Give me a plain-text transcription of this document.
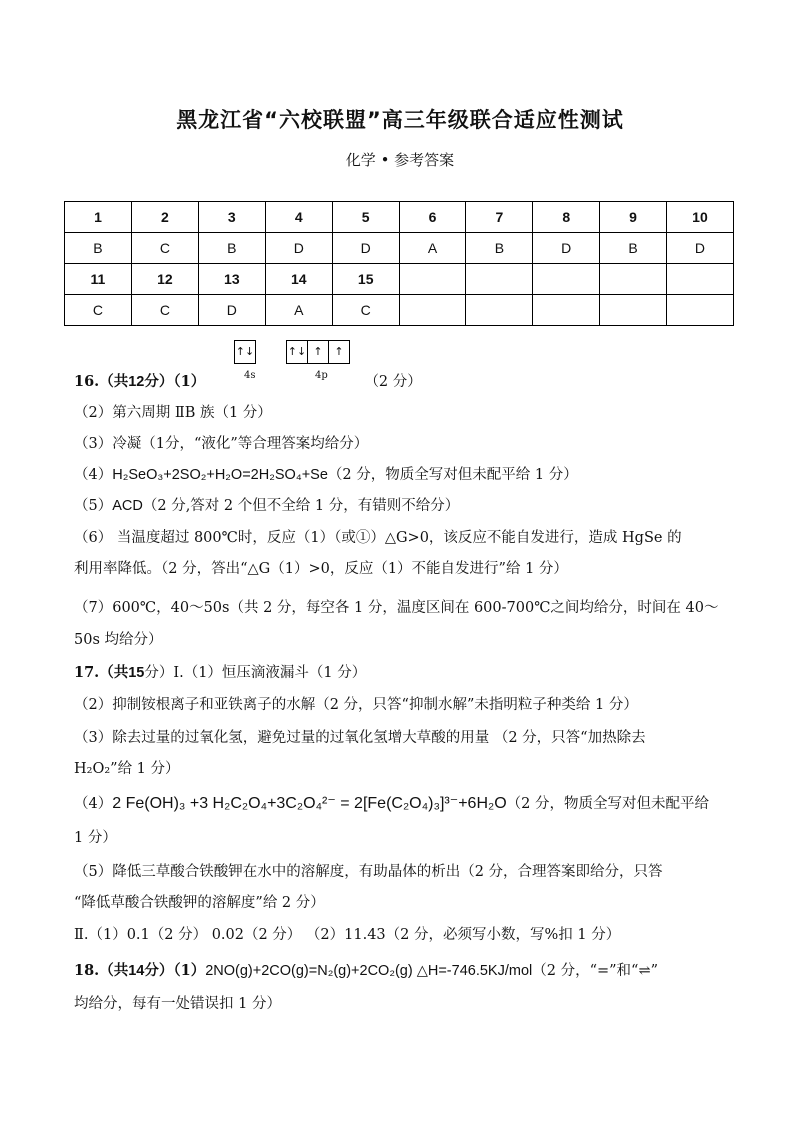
黑龙江省“六校联盟”高三年级联合适应性测试
化学 • 参考答案
1	2	3	4	5	6	7	8	9	10
B	C	B	D	D	A	B	D	B	D
11	12	13	14	15					
C	C	D	A	C					
↑↓	↑↓ ↑	↑
4s	4p
16.（共12分）（1）	（2 分）
（2）第六周期 ⅡB 族（1 分）
（3）冷凝（1分，“液化”等合理答案均给分）
（4）H₂SeO₃+2SO₂+H₂O=2H₂SO₄+Se（2 分，物质全写对但未配平给 1 分）
（5）ACD（2 分,答对 2 个但不全给 1 分，有错则不给分）
（6） 当温度超过 800℃时，反应（1）（或①）△G>0，该反应不能自发进行，造成 HgSe 的
利用率降低。（2 分，答出“△G（1）>0，反应（1）不能自发进行”给 1 分）
（7）600℃，40～50s（共 2 分，每空各 1 分，温度区间在 600-700℃之间均给分，时间在 40～
50s 均给分）
17.（共15分）Ⅰ.（1）恒压滴液漏斗（1 分）
（2）抑制铵根离子和亚铁离子的水解（2 分，只答“抑制水解”未指明粒子种类给 1 分）
（3）除去过量的过氧化氢，避免过量的过氧化氢增大草酸的用量 （2 分，只答“加热除去
H₂O₂”给 1 分）
（4）2 Fe(OH)₃ +3 H₂C₂O₄+3C₂O₄²⁻ = 2[Fe(C₂O₄)₃]³⁻+6H₂O（2 分，物质全写对但未配平给
1 分）
（5）降低三草酸合铁酸钾在水中的溶解度，有助晶体的析出（2 分，合理答案即给分，只答
“降低草酸合铁酸钾的溶解度”给 2 分）
Ⅱ.（1）0.1（2 分） 0.02（2 分） （2）11.43（2 分，必须写小数，写%扣 1 分）
18.（共14分）（1）2NO(g)+2CO(g)=N₂(g)+2CO₂(g) △H=-746.5KJ/mol（2 分，“=”和“⇌”
均给分，每有一处错误扣 1 分）
